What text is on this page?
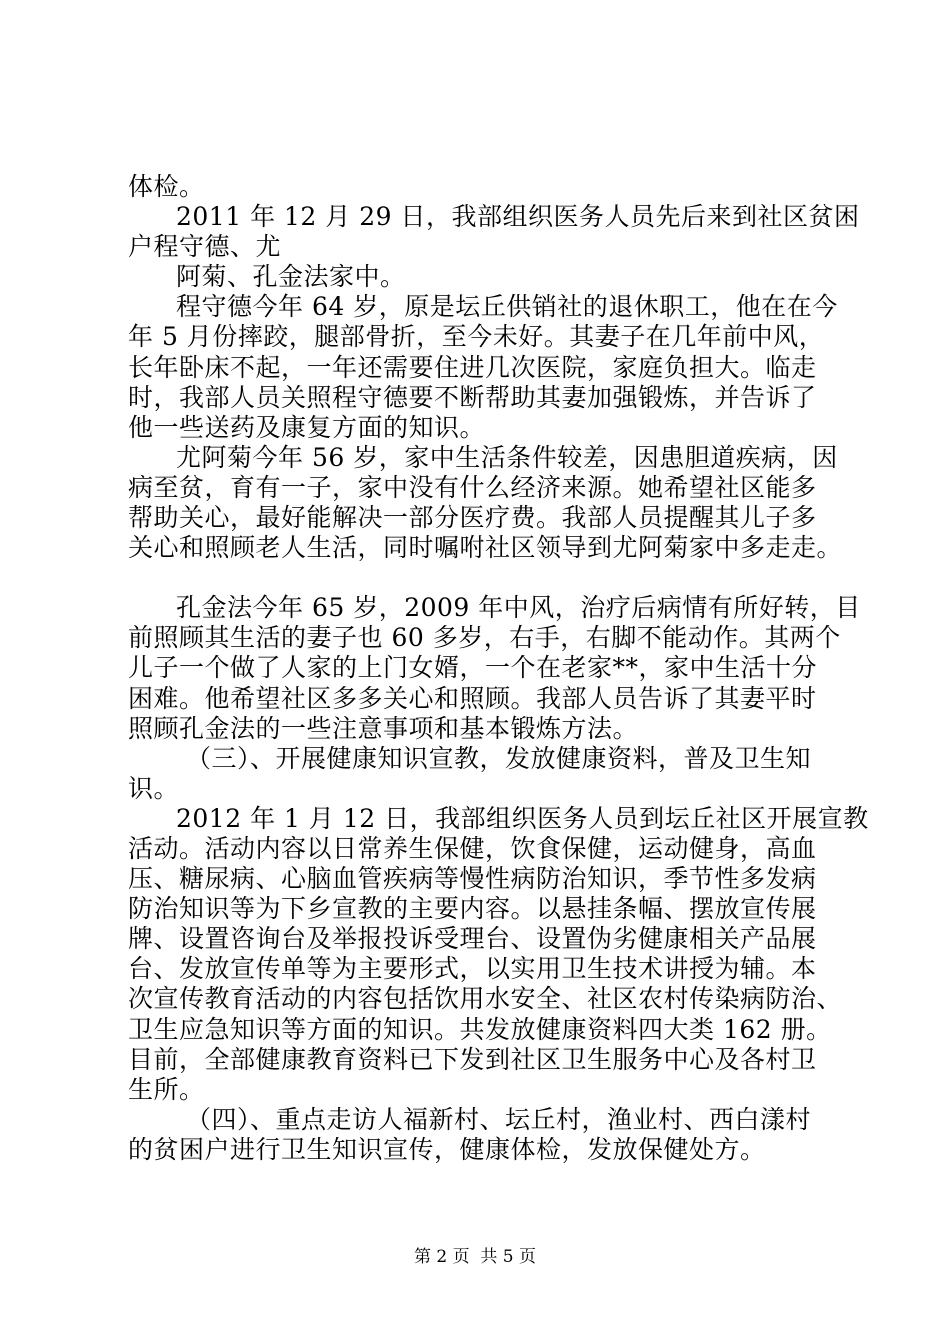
体检。
2011 年 12 月 29 日，我部组织医务人员先后来到社区贫困
户程守德、尤
阿菊、孔金法家中。
程守德今年 64 岁，原是坛丘供销社的退休职工，他在在今
年 5 月份摔跤，腿部骨折，至今未好。其妻子在几年前中风，
长年卧床不起，一年还需要住进几次医院，家庭负担大。临走
时，我部人员关照程守德要不断帮助其妻加强锻炼，并告诉了
他一些送药及康复方面的知识。
尤阿菊今年 56 岁，家中生活条件较差，因患胆道疾病，因
病至贫，育有一子，家中没有什么经济来源。她希望社区能多
帮助关心，最好能解决一部分医疗费。我部人员提醒其儿子多
关心和照顾老人生活，同时嘱咐社区领导到尤阿菊家中多走走。
孔金法今年 65 岁，2009 年中风，治疗后病情有所好转，目
前照顾其生活的妻子也 60 多岁，右手，右脚不能动作。其两个
儿子一个做了人家的上门女婿，一个在老家**，家中生活十分
困难。他希望社区多多关心和照顾。我部人员告诉了其妻平时
照顾孔金法的一些注意事项和基本锻炼方法。
（三）、开展健康知识宣教，发放健康资料，普及卫生知
识。
2012 年 1 月 12 日，我部组织医务人员到坛丘社区开展宣教
活动。活动内容以日常养生保健，饮食保健，运动健身，高血
压、糖尿病、心脑血管疾病等慢性病防治知识，季节性多发病
防治知识等为下乡宣教的主要内容。以悬挂条幅、摆放宣传展
牌、设置咨询台及举报投诉受理台、设置伪劣健康相关产品展
台、发放宣传单等为主要形式，以实用卫生技术讲授为辅。本
次宣传教育活动的内容包括饮用水安全、社区农村传染病防治、
卫生应急知识等方面的知识。共发放健康资料四大类 162 册。
目前，全部健康教育资料已下发到社区卫生服务中心及各村卫
生所。
（四）、重点走访人福新村、坛丘村，渔业村、西白漾村
的贫困户进行卫生知识宣传，健康体检，发放保健处方。
第 2 页  共 5 页
